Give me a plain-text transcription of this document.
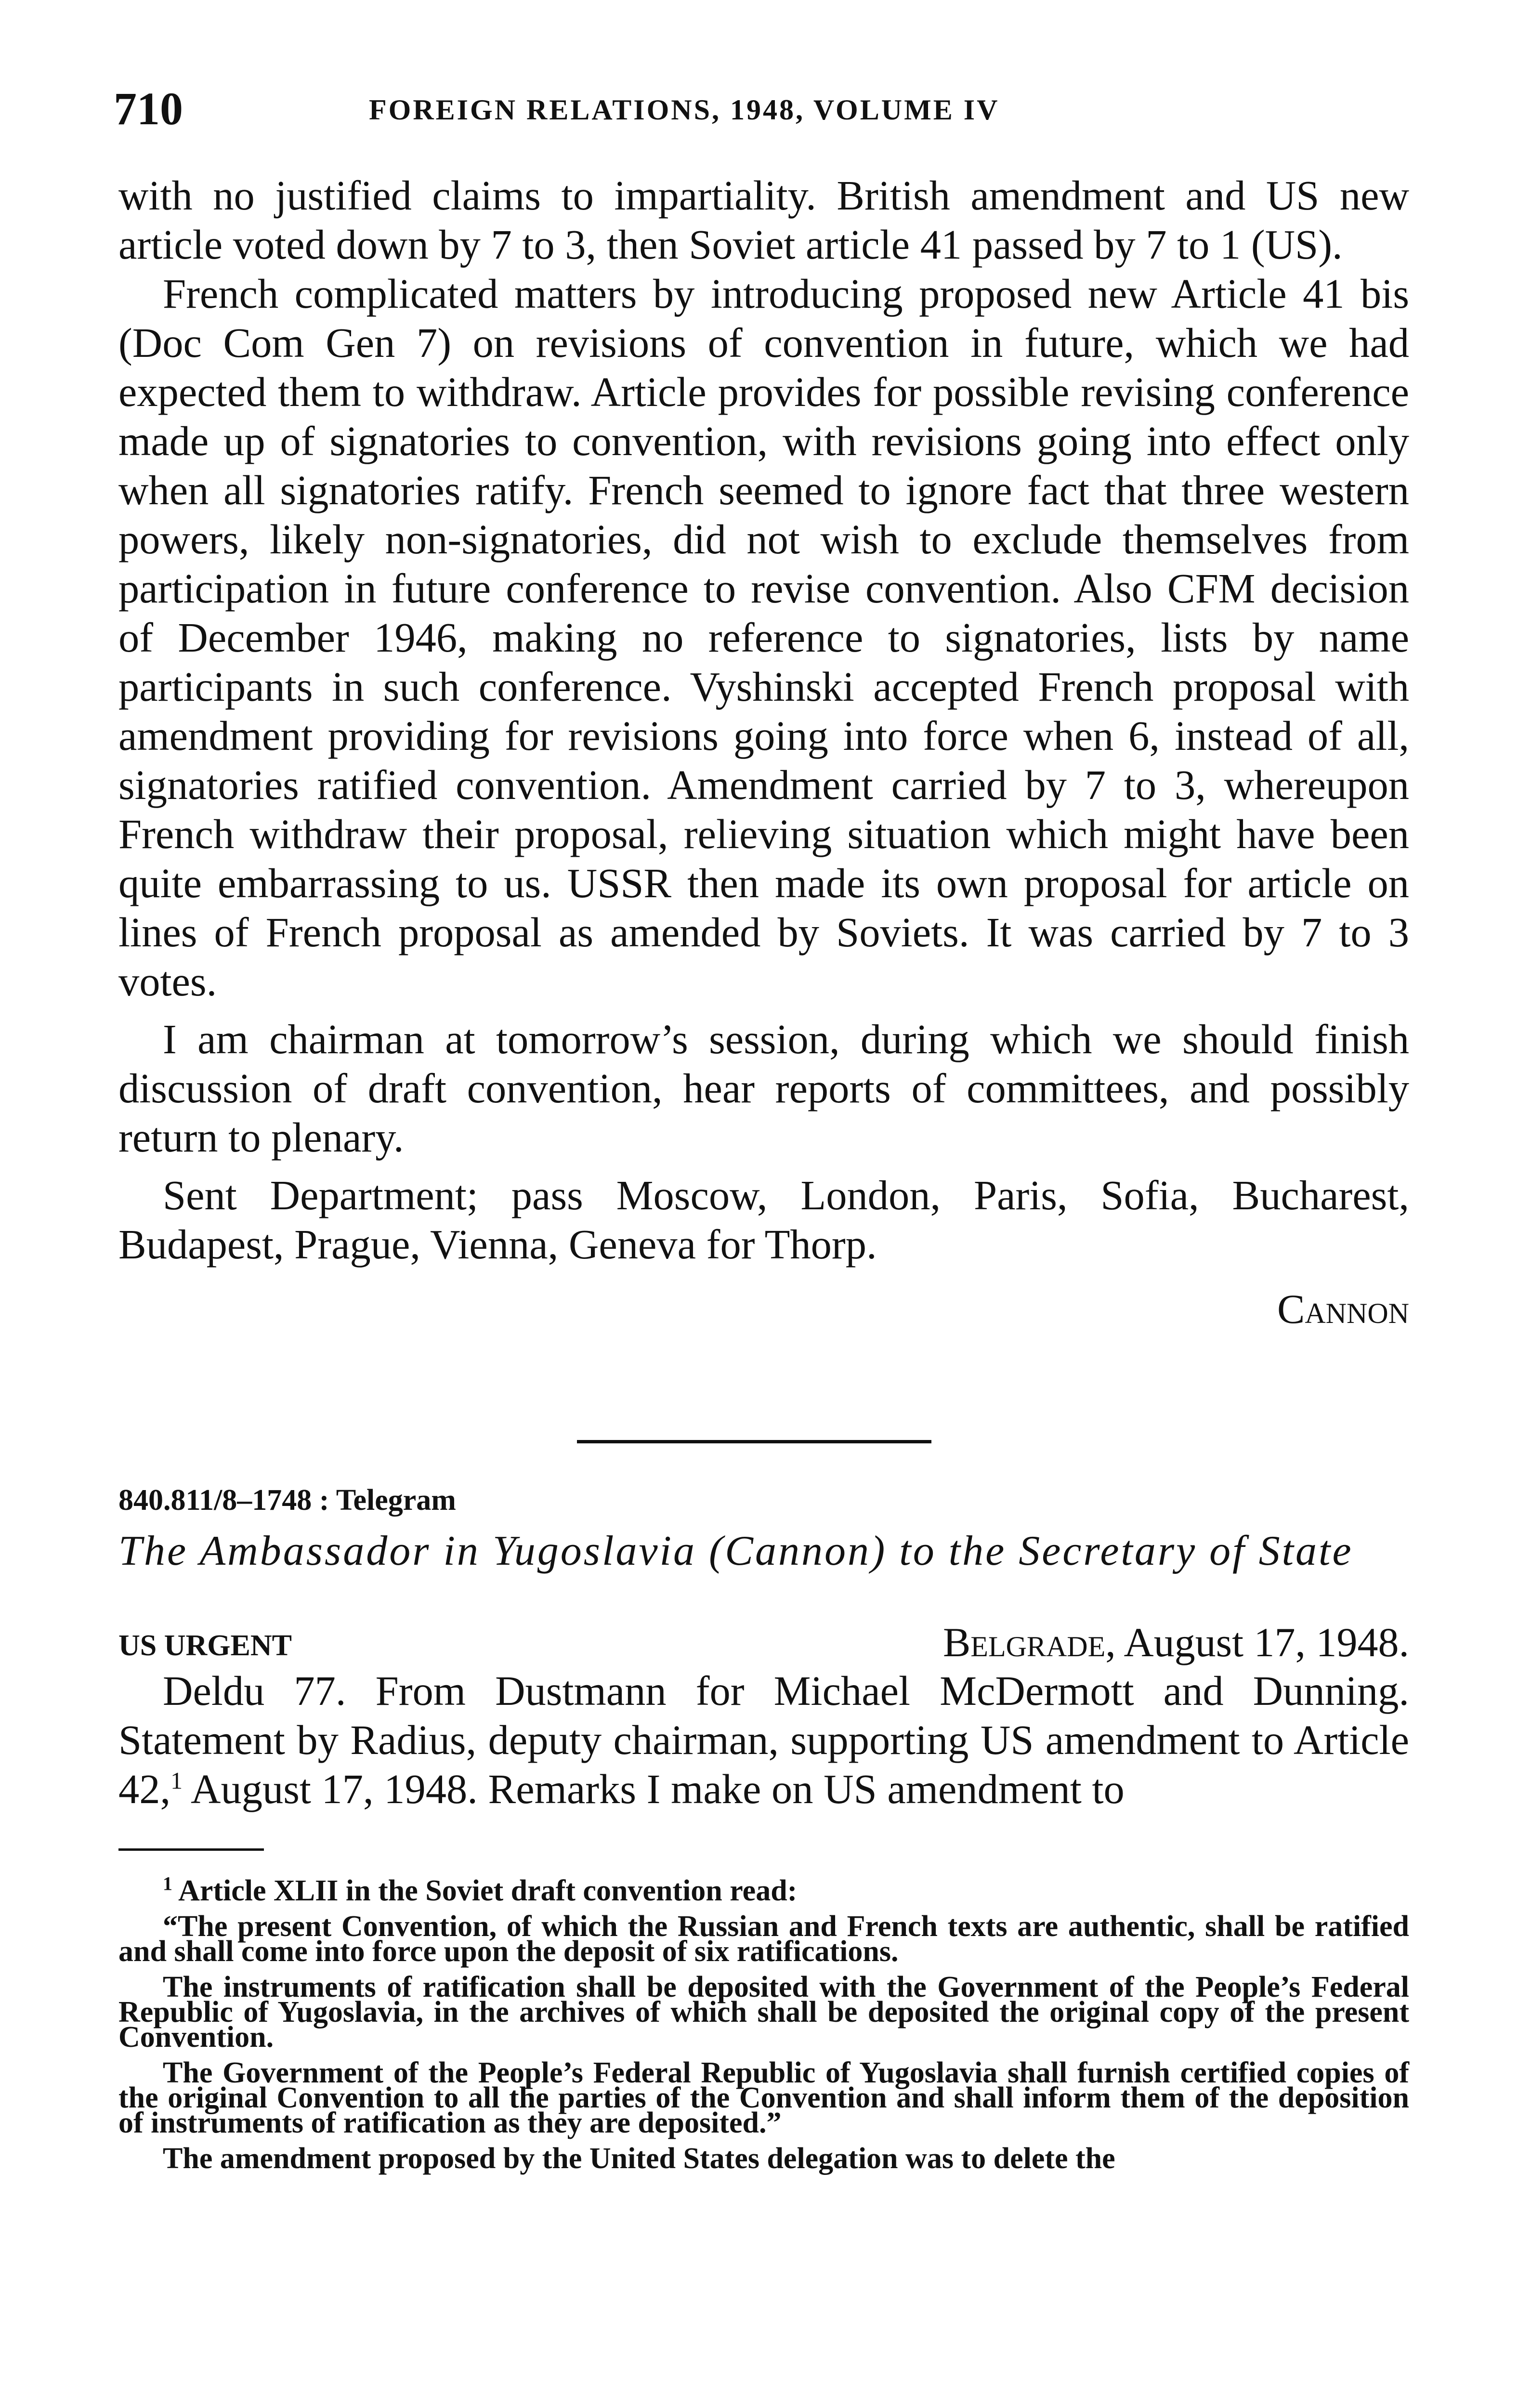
710	FOREIGN RELATIONS, 1948, VOLUME IV

with no justified claims to impartiality. British amendment and US new article voted down by 7 to 3, then Soviet article 41 passed by 7 to 1 (US).

French complicated matters by introducing proposed new Article 41 bis (Doc Com Gen 7) on revisions of convention in future, which we had expected them to withdraw. Article provides for possible revising conference made up of signatories to convention, with revisions going into effect only when all signatories ratify. French seemed to ignore fact that three western powers, likely non-signatories, did not wish to exclude themselves from participation in future conference to revise convention. Also CFM decision of December 1946, making no reference to signatories, lists by name participants in such conference. Vyshinski accepted French proposal with amendment providing for revisions going into force when 6, instead of all, signatories ratified convention. Amendment carried by 7 to 3, whereupon French withdraw their proposal, relieving situation which might have been quite embarrassing to us. USSR then made its own proposal for article on lines of French proposal as amended by Soviets. It was carried by 7 to 3 votes.

I am chairman at tomorrow’s session, during which we should finish discussion of draft convention, hear reports of committees, and possibly return to plenary.

Sent Department; pass Moscow, London, Paris, Sofia, Bucharest, Budapest, Prague, Vienna, Geneva for Thorp.

Cannon

840.811/8–1748 : Telegram
The Ambassador in Yugoslavia (Cannon) to the Secretary of State
US URGENT	Belgrade, August 17, 1948.

Deldu 77. From Dustmann for Michael McDermott and Dunning. Statement by Radius, deputy chairman, supporting US amendment to Article 42,$^1$ August 17, 1948. Remarks I make on US amendment to

$^1$ Article XLII in the Soviet draft convention read:

“The present Convention, of which the Russian and French texts are authentic, shall be ratified and shall come into force upon the deposit of six ratifications.

The instruments of ratification shall be deposited with the Government of the People’s Federal Republic of Yugoslavia, in the archives of which shall be deposited the original copy of the present Convention.

The Government of the People’s Federal Republic of Yugoslavia shall furnish certified copies of the original Convention to all the parties of the Convention and shall inform them of the deposition of instruments of ratification as they are deposited.”

The amendment proposed by the United States delegation was to delete the
